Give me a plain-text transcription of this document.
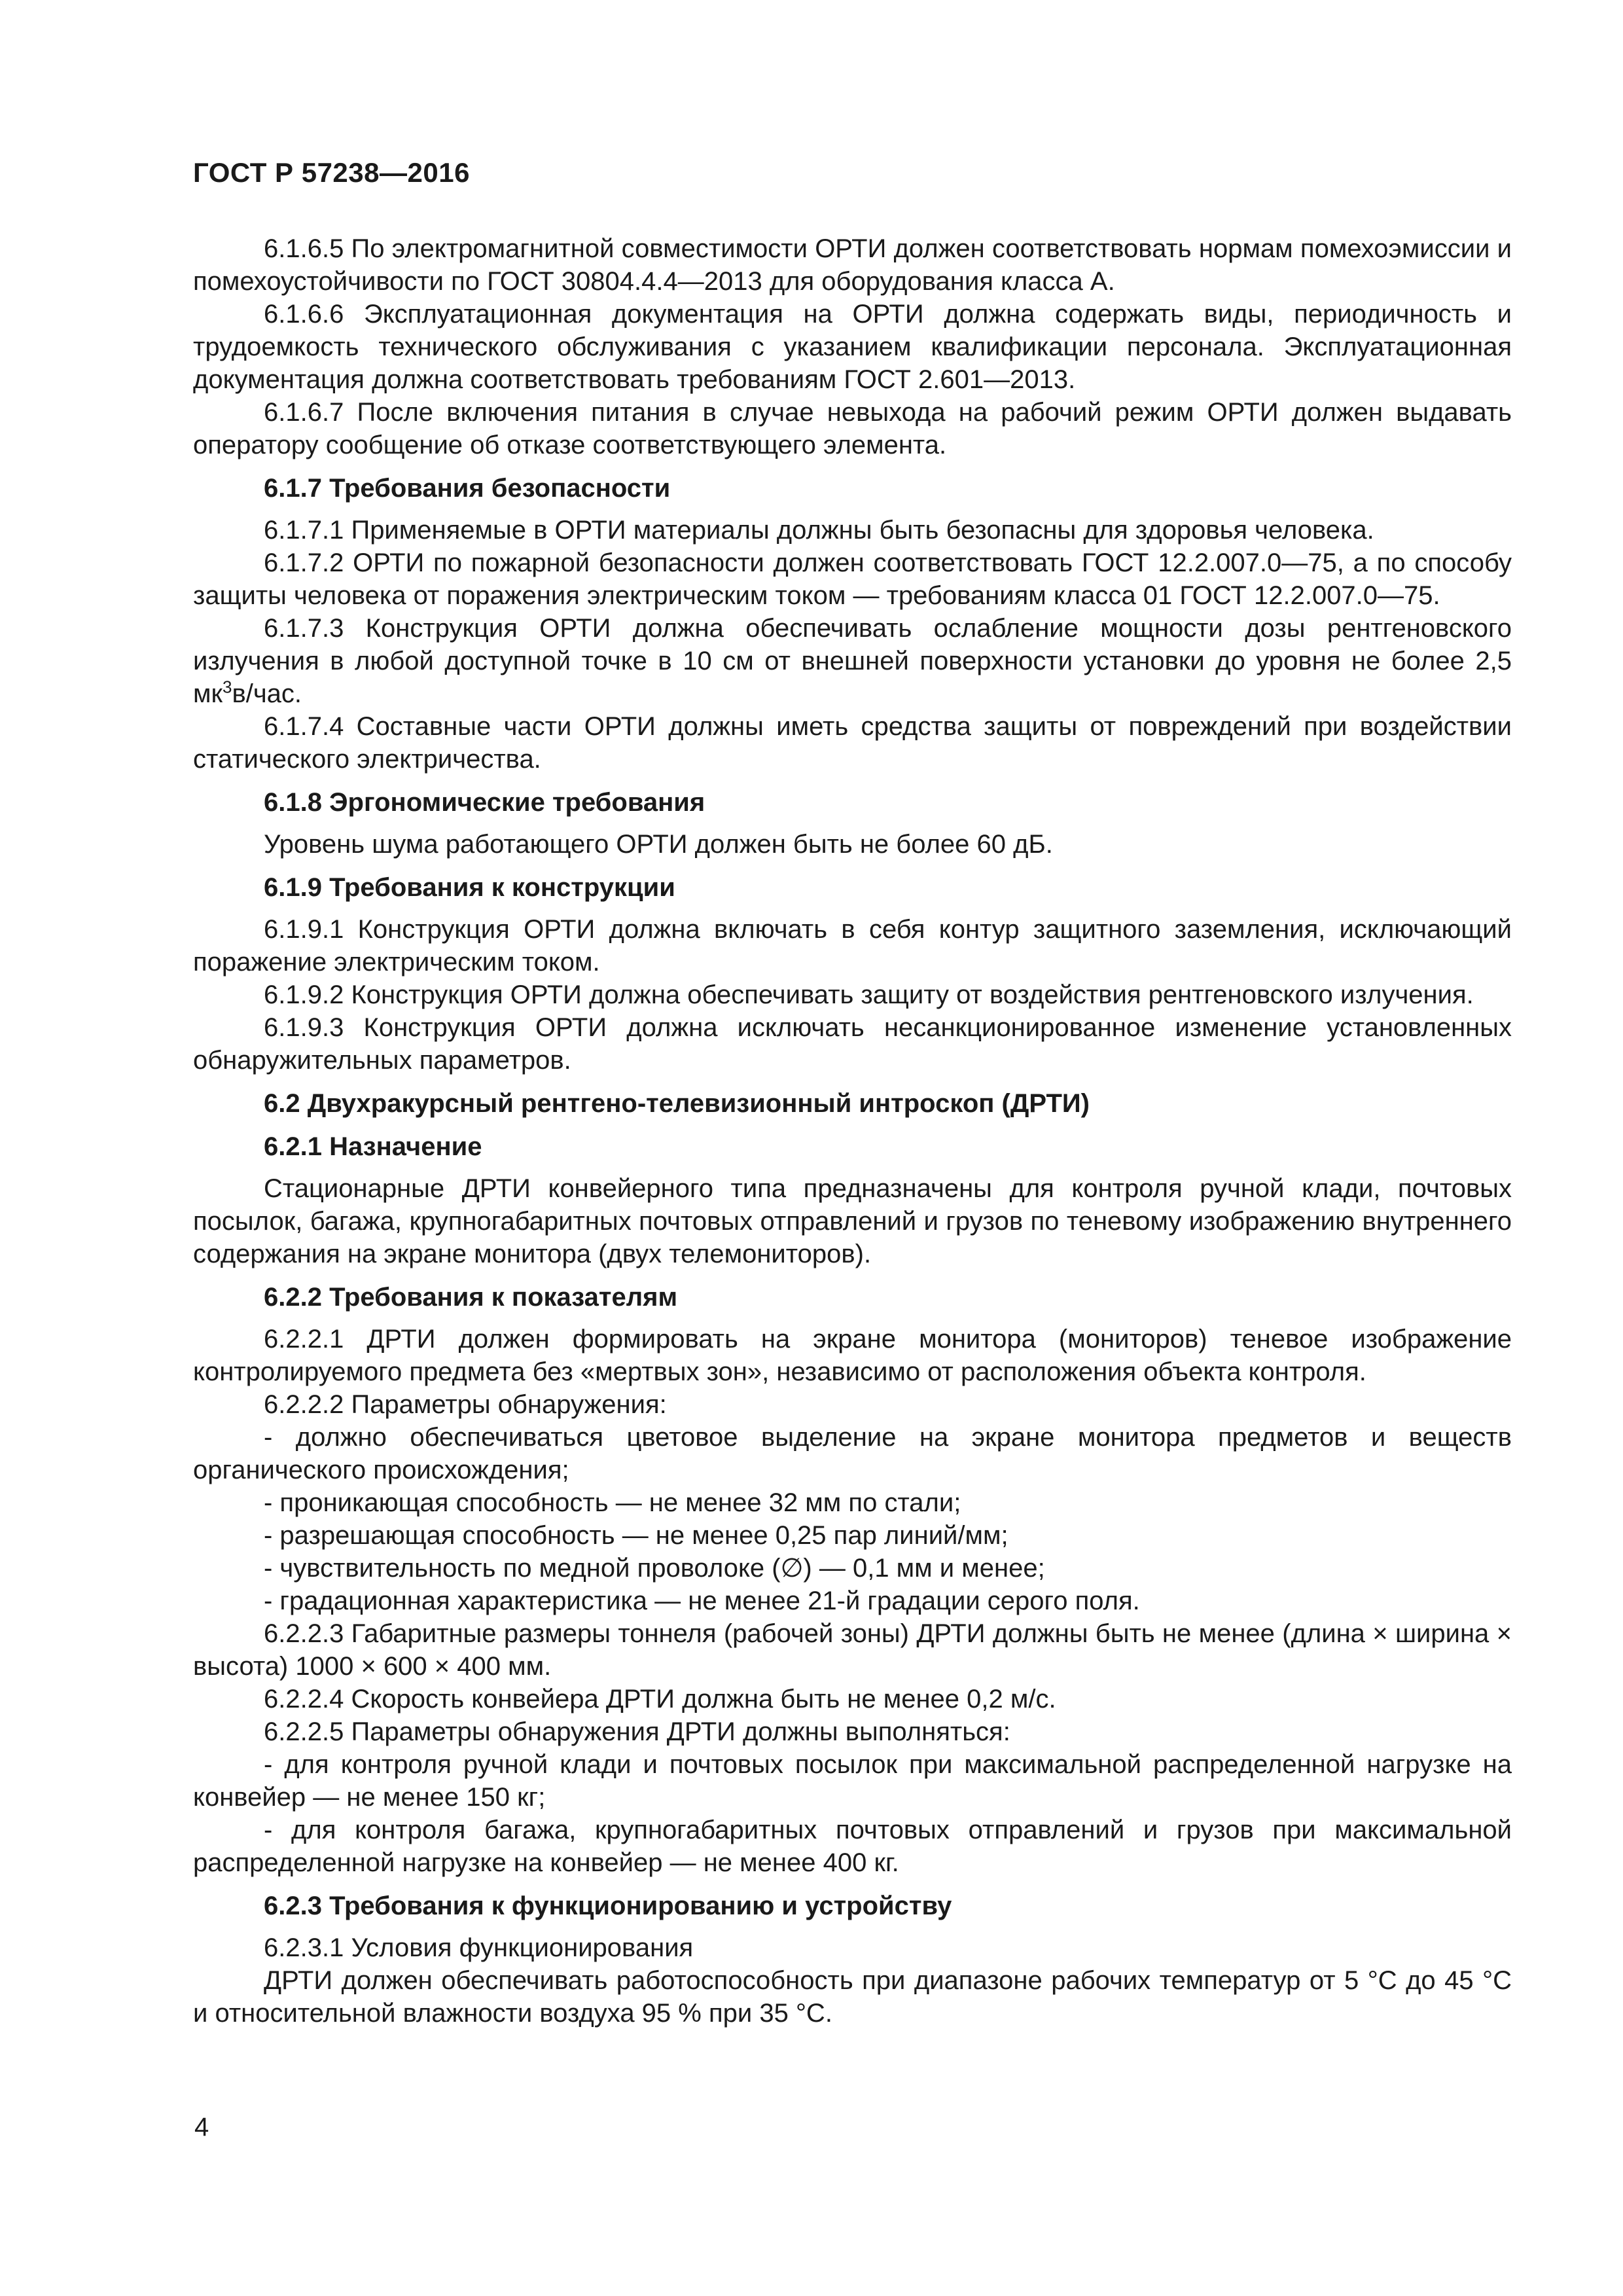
ГОСТ Р 57238—2016

6.1.6.5 По электромагнитной совместимости ОРТИ должен соответствовать нормам помехоэмиссии и помехоустойчивости по ГОСТ 30804.4.4—2013 для оборудования класса А.

6.1.6.6 Эксплуатационная документация на ОРТИ должна содержать виды, периодичность и трудоемкость технического обслуживания с указанием квалификации персонала. Эксплуатационная документация должна соответствовать требованиям ГОСТ 2.601—2013.

6.1.6.7 После включения питания в случае невыхода на рабочий режим ОРТИ должен выдавать оператору сообщение об отказе соответствующего элемента.

6.1.7 Требования безопасности

6.1.7.1 Применяемые в ОРТИ материалы должны быть безопасны для здоровья человека.

6.1.7.2 ОРТИ по пожарной безопасности должен соответствовать ГОСТ 12.2.007.0—75, а по способу защиты человека от поражения электрическим током — требованиям класса 01 ГОСТ 12.2.007.0—75.

6.1.7.3 Конструкция ОРТИ должна обеспечивать ослабление мощности дозы рентгеновского излучения в любой доступной точке в 10 см от внешней поверхности установки до уровня не более 2,5 $мк^3в$/час.

6.1.7.4 Составные части ОРТИ должны иметь средства защиты от повреждений при воздействии статического электричества.

6.1.8 Эргономические требования

Уровень шума работающего ОРТИ должен быть не более 60 дБ.

6.1.9 Требования к конструкции

6.1.9.1 Конструкция ОРТИ должна включать в себя контур защитного заземления, исключающий поражение электрическим током.

6.1.9.2 Конструкция ОРТИ должна обеспечивать защиту от воздействия рентгеновского излучения.

6.1.9.3 Конструкция ОРТИ должна исключать несанкционированное изменение установленных обнаружительных параметров.

6.2 Двухракурсный рентгено-телевизионный интроскоп (ДРТИ)
6.2.1 Назначение

Стационарные ДРТИ конвейерного типа предназначены для контроля ручной клади, почтовых посылок, багажа, крупногабаритных почтовых отправлений и грузов по теневому изображению внутреннего содержания на экране монитора (двух телемониторов).

6.2.2 Требования к показателям

6.2.2.1 ДРТИ должен формировать на экране монитора (мониторов) теневое изображение контролируемого предмета без «мертвых зон», независимо от расположения объекта контроля.

6.2.2.2 Параметры обнаружения:

- должно обеспечиваться цветовое выделение на экране монитора предметов и веществ органического происхождения;

- проникающая способность — не менее 32 мм по стали;

- разрешающая способность — не менее 0,25 пар линий/мм;

- чувствительность по медной проволоке (∅) — 0,1 мм и менее;

- градационная характеристика — не менее 21-й градации серого поля.

6.2.2.3 Габаритные размеры тоннеля (рабочей зоны) ДРТИ должны быть не менее (длина × ширина × высота) 1000 × 600 × 400 мм.

6.2.2.4 Скорость конвейера ДРТИ должна быть не менее 0,2 м/с.

6.2.2.5 Параметры обнаружения ДРТИ должны выполняться:

- для контроля ручной клади и почтовых посылок при максимальной распределенной нагрузке на конвейер — не менее 150 кг;

- для контроля багажа, крупногабаритных почтовых отправлений и грузов при максимальной распределенной нагрузке на конвейер — не менее 400 кг.

6.2.3 Требования к функционированию и устройству

6.2.3.1 Условия функционирования

ДРТИ должен обеспечивать работоспособность при диапазоне рабочих температур от 5 °С до 45 °С и относительной влажности воздуха 95 % при 35 °С.

4
